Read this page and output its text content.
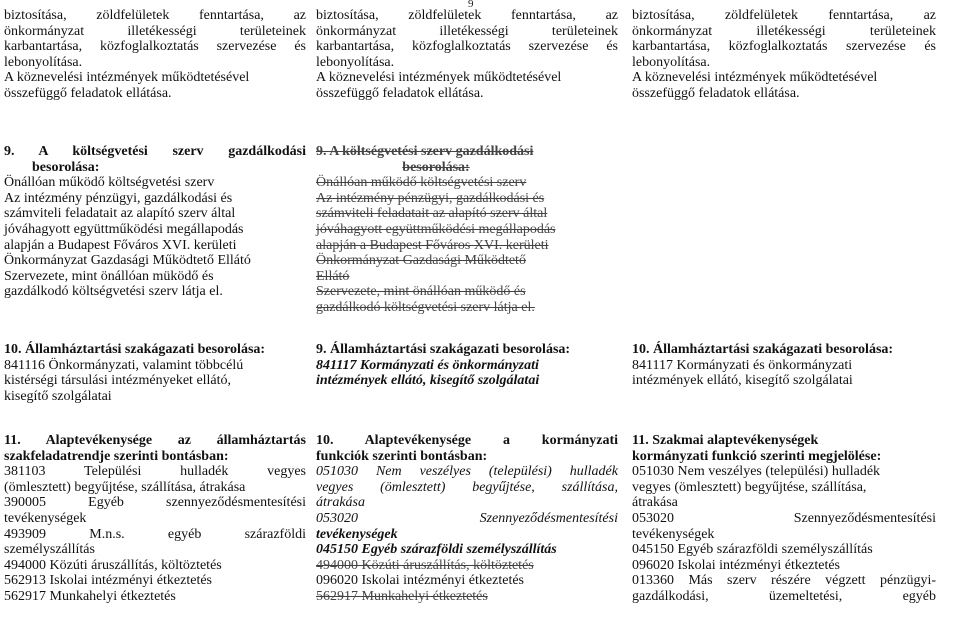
9

biztosítása, zöldfelületek fenntartása, az

önkormányzat illetékességi területeinek

karbantartása, közfoglalkoztatás szervezése és

lebonyolítása.

A köznevelési intézmények működtetésével

összefüggő feladatok ellátása.

9. A költségvetési szerv gazdálkodási

besorolása:

Önállóan működő költségvetési szerv

Az intézmény pénzügyi, gazdálkodási és

számviteli feladatait az alapító szerv által

jóváhagyott együttműködési megállapodás

alapján a Budapest Főváros XVI. kerületi

Önkormányzat Gazdasági Működtető Ellátó

Szervezete, mint önállóan müködő és

gazdálkodó költségvetési szerv látja el.

10. Államháztartási szakágazati besorolása:

841116 Önkormányzati, valamint többcélú

kistérségi társulási intézményeket ellátó,

kisegítő szolgálatai

11. Alaptevékenysége az államháztartás

szakfeladatrendje szerinti bontásban:

381103 Települési hulladék vegyes

(ömlesztett) begyűjtése, szállítása, átrakása

390005 Egyéb szennyeződésmentesítési

tevékenységek

493909 M.n.s. egyéb szárazföldi

személyszállítás

494000 Közúti áruszállítás, költöztetés

562913 Iskolai intézményi étkeztetés

562917 Munkahelyi étkeztetés

biztosítása, zöldfelületek fenntartása, az

önkormányzat illetékességi területeinek

karbantartása, közfoglalkoztatás szervezése és

lebonyolítása.

A köznevelési intézmények működtetésével

összefüggő feladatok ellátása.

9. A költségvetési szerv gazdálkodási

besorolása:

Önállóan működő költségvetési szerv

Az intézmény pénzügyi, gazdálkodási és

számviteli feladatait az alapító szerv által

jóváhagyott együttműködési megállapodás

alapján a Budapest Főváros XVI. kerületi

Önkormányzat Gazdasági Működtető Ellátó

Szervezete, mint önállóan működő és

gazdálkodó költségvetési szerv látja el.

9. Államháztartási szakágazati besorolása:

841117 Kormányzati és önkormányzati

intézmények ellátó, kisegítő szolgálatai

10. Alaptevékenysége a kormányzati

funkciók szerinti bontásban:

051030 Nem veszélyes (települési) hulladék

vegyes (ömlesztett) begyűjtése, szállítása,

átrakása

053020 Szennyeződésmentesítési

tevékenységek

045150 Egyéb szárazföldi személyszállítás

494000 Közúti áruszállítás, költöztetés

096020 Iskolai intézményi étkeztetés

562917 Munkahelyi étkeztetés

biztosítása, zöldfelületek fenntartása, az

önkormányzat illetékességi területeinek

karbantartása, közfoglalkoztatás szervezése és

lebonyolítása.

A köznevelési intézmények működtetésével

összefüggő feladatok ellátása.

10. Államháztartási szakágazati besorolása:

841117 Kormányzati és önkormányzati

intézmények ellátó, kisegítő szolgálatai

11. Szakmai alaptevékenységek

kormányzati funkció szerinti megjelölése:

051030 Nem veszélyes (települési) hulladék

vegyes (ömlesztett) begyűjtése, szállítása,

átrakása

053020 Szennyeződésmentesítési

tevékenységek

045150 Egyéb szárazföldi személyszállítás

096020 Iskolai intézményi étkeztetés

013360 Más szerv részére végzett pénzügyi-

gazdálkodási, üzemeltetési, egyéb
